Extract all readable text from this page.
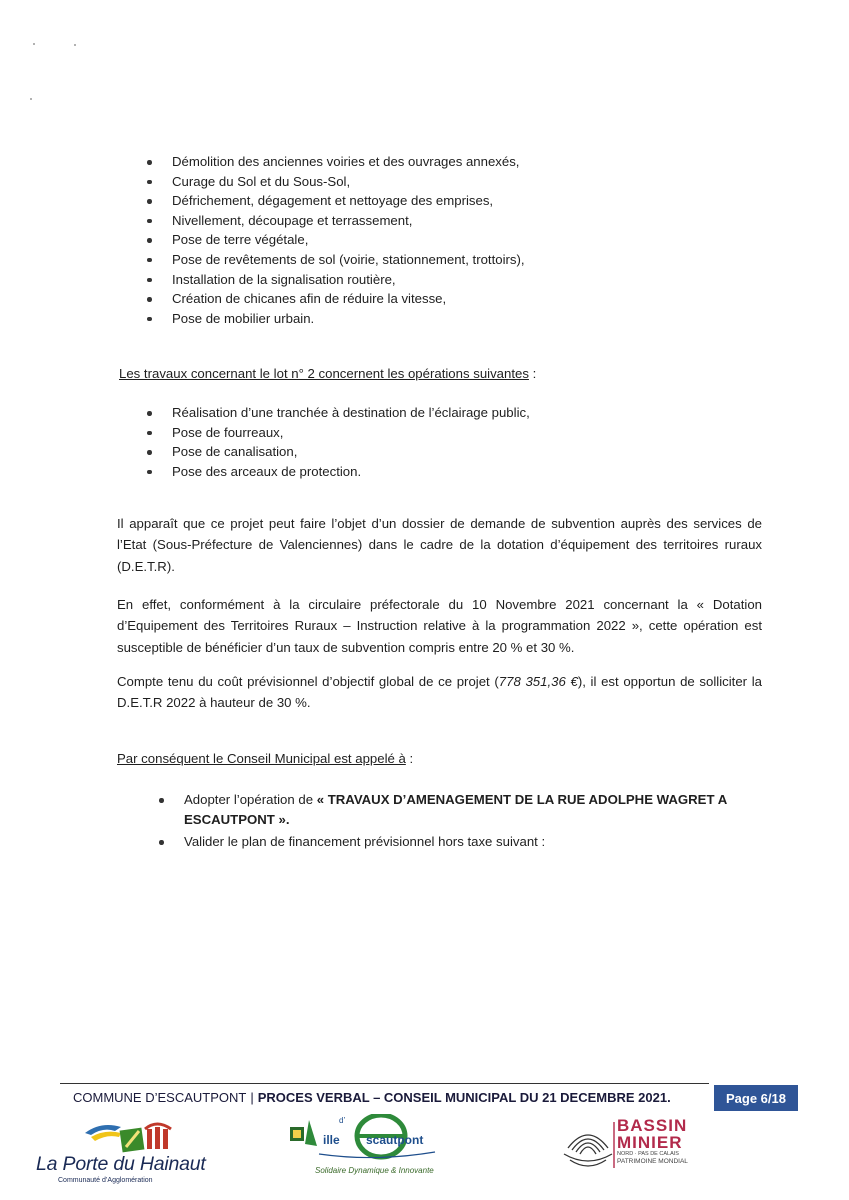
Démolition des anciennes voiries et des ouvrages annexés,
Curage du Sol et du Sous-Sol,
Défrichement, dégagement et nettoyage des emprises,
Nivellement, découpage et terrassement,
Pose de terre végétale,
Pose de revêtements de sol (voirie, stationnement, trottoirs),
Installation de la signalisation routière,
Création de chicanes afin de réduire la vitesse,
Pose de mobilier urbain.
Les travaux concernant le lot n° 2 concernent les opérations suivantes :
Réalisation d’une tranchée à destination de l’éclairage public,
Pose de fourreaux,
Pose de canalisation,
Pose des arceaux de protection.

Il apparaît que ce projet peut faire l’objet d’un dossier de demande de subvention auprès des services de l’Etat (Sous-Préfecture de Valenciennes) dans le cadre de la dotation d’équipement des territoires ruraux (D.E.T.R).

En effet, conformément à la circulaire préfectorale du 10 Novembre 2021 concernant la « Dotation d’Equipement des Territoires Ruraux – Instruction relative à la programmation 2022 », cette opération est susceptible de bénéficier d’un taux de subvention compris entre 20 % et 30 %.

Compte tenu du coût prévisionnel d’objectif global de ce projet (778 351,36 €), il est opportun de solliciter la D.E.T.R 2022 à hauteur de 30 %.

Par conséquent le Conseil Municipal est appelé à :
Adopter l’opération de « TRAVAUX D’AMENAGEMENT DE LA RUE ADOLPHE WAGRET A ESCAUTPONT ».
Valider le plan de financement prévisionnel hors taxe suivant :
COMMUNE D’ESCAUTPONT | PROCES VERBAL – CONSEIL MUNICIPAL DU 21 DECEMBRE 2021.	Page 6/18
La Porte du Hainaut
Communauté d’Agglomération
d’
ille scautpont
Solidaire Dynamique & Innovante
BASSIN
MINIER
NORD · PAS DE CALAIS
PATRIMOINE MONDIAL
